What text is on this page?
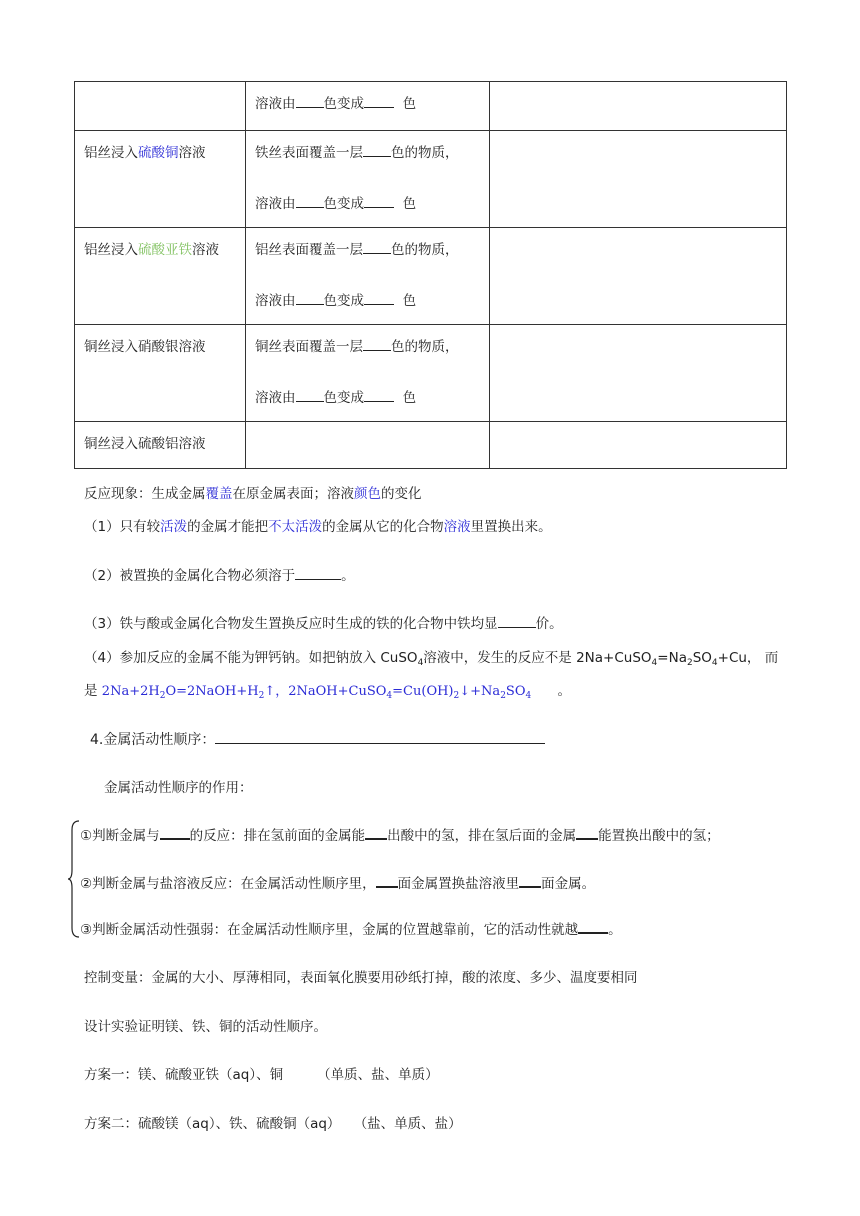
	溶液由 色变成 色	

铝丝浸入硫酸铜溶液	铁丝表面覆盖一层 色的物质，
溶液由 色变成 色	

铝丝浸入硫酸亚铁溶液	铝丝表面覆盖一层 色的物质，
溶液由 色变成 色	

铜丝浸入硝酸银溶液	铜丝表面覆盖一层 色的物质，
溶液由 色变成 色	

铜丝浸入硫酸铝溶液		
反应现象：生成金属覆盖在原金属表面；溶液颜色的变化
（1）只有较活泼的金属才能把不太活泼的金属从它的化合物溶液里置换出来。
（2）被置换的金属化合物必须溶于	。
（3）铁与酸或金属化合物发生置换反应时生成的铁的化合物中铁均显	价。
（4）参加反应的金属不能为钾钙钠。如把钠放入 CuSO$_4$溶液中，发生的反应不是 $2Na+CuSO_4=Na_2SO_4+Cu$， 而
是 $2Na+2H_2O=2NaOH+H_2↑$，$2NaOH+CuSO_4=Cu(OH)_2↓+Na_2SO_4$ 。
4.金属活动性顺序：
金属活动性顺序的作用：
①判断金属与 的反应：排在氢前面的金属能 出酸中的氢，排在氢后面的金属 能置换出酸中的氢；
②判断金属与盐溶液反应：在金属活动性顺序里， 面金属置换盐溶液里 面金属。
③判断金属活动性强弱：在金属活动性顺序里，金属的位置越靠前，它的活动性就越 。
控制变量：金属的大小、厚薄相同，表面氧化膜要用砂纸打掉，酸的浓度、多少、温度要相同
设计实验证明镁、铁、铜的活动性顺序。
方案一：镁、硫酸亚铁（aq）、铜	（单质、盐、单质）
方案二：硫酸镁（aq）、铁、硫酸铜（aq） （盐、单质、盐）
